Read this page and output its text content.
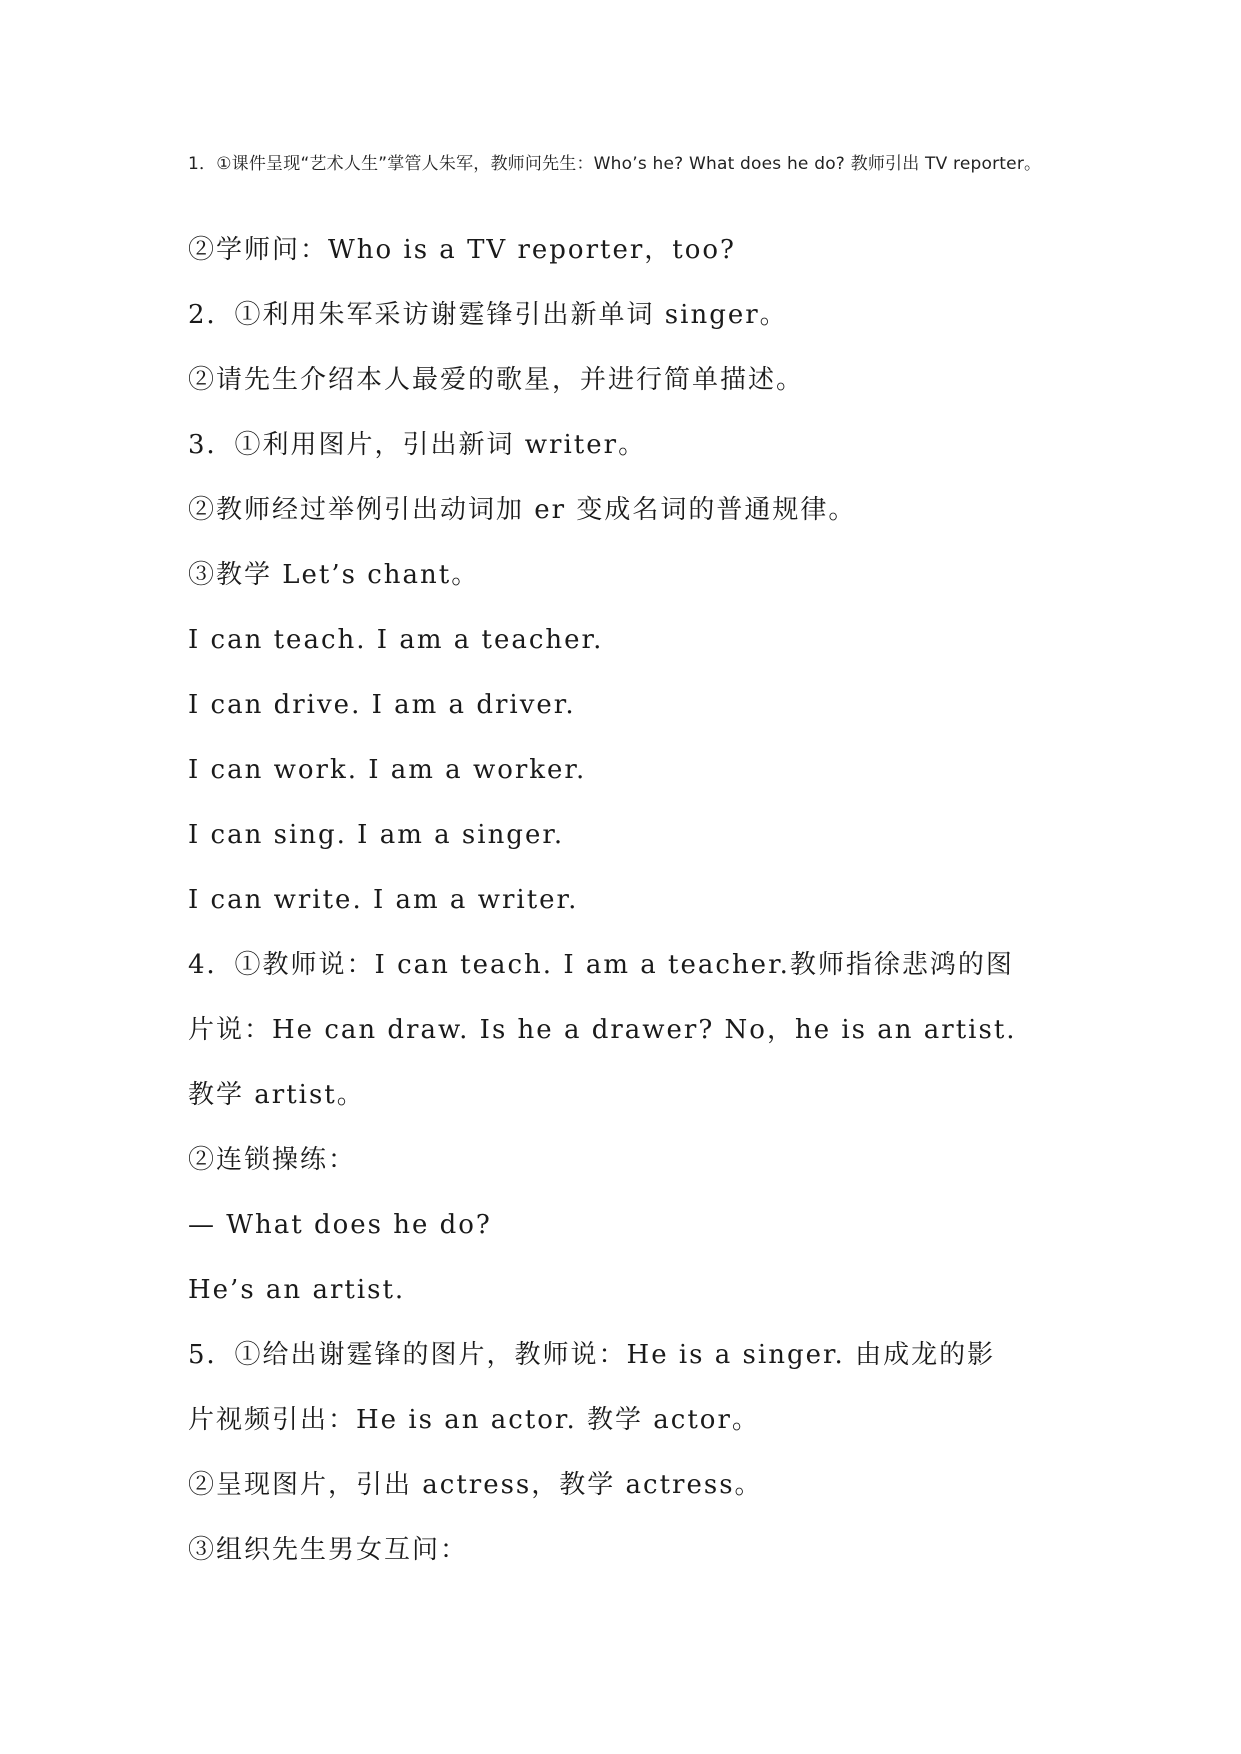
1．①课件呈现“艺术人生”掌管人朱军，教师问先生：Who’s he? What does he do? 教师引出 TV reporter。
②学师问：Who is a TV reporter，too?
2．①利用朱军采访谢霆锋引出新单词 singer。
②请先生介绍本人最爱的歌星，并进行简单描述。
3．①利用图片，引出新词 writer。
②教师经过举例引出动词加 er 变成名词的普通规律。
③教学 Let’s chant。
I can teach. I am a teacher.
I can drive. I am a driver.
I can work. I am a worker.
I can sing. I am a singer.
I can write. I am a writer.
4．①教师说：I can teach. I am a teacher.教师指徐悲鸿的图
片说：He can draw. Is he a drawer? No，he is an artist.
教学 artist。
②连锁操练：
— What does he do?
He’s an artist.
5．①给出谢霆锋的图片，教师说：He is a singer. 由成龙的影
片视频引出：He is an actor. 教学 actor。
②呈现图片，引出 actress，教学 actress。
③组织先生男女互问：
